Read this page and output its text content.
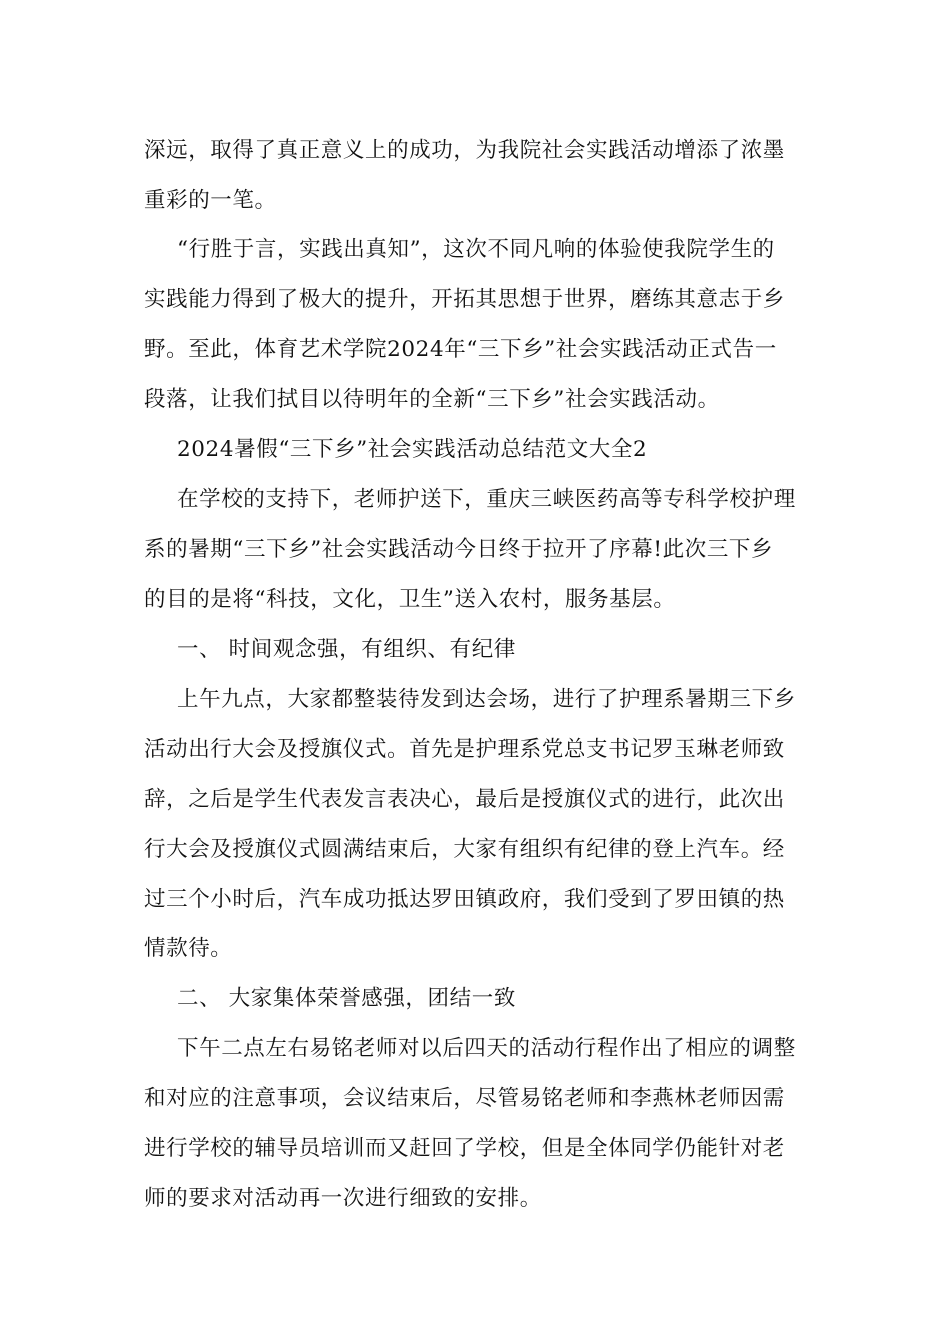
深远，取得了真正意义上的成功，为我院社会实践活动增添了浓墨
重彩的一笔。
“行胜于言，实践出真知”，这次不同凡响的体验使我院学生的
实践能力得到了极大的提升，开拓其思想于世界，磨练其意志于乡
野。至此，体育艺术学院2024年“三下乡”社会实践活动正式告一
段落，让我们拭目以待明年的全新“三下乡”社会实践活动。
2024暑假“三下乡”社会实践活动总结范文大全2
在学校的支持下，老师护送下，重庆三峡医药高等专科学校护理
系的暑期“三下乡”社会实践活动今日终于拉开了序幕!此次三下乡
的目的是将“科技，文化，卫生”送入农村，服务基层。
一、 时间观念强，有组织、有纪律
上午九点，大家都整装待发到达会场，进行了护理系暑期三下乡
活动出行大会及授旗仪式。首先是护理系党总支书记罗玉琳老师致
辞，之后是学生代表发言表决心，最后是授旗仪式的进行，此次出
行大会及授旗仪式圆满结束后，大家有组织有纪律的登上汽车。经
过三个小时后，汽车成功抵达罗田镇政府，我们受到了罗田镇的热
情款待。
二、 大家集体荣誉感强，团结一致
下午二点左右易铭老师对以后四天的活动行程作出了相应的调整
和对应的注意事项，会议结束后，尽管易铭老师和李燕林老师因需
进行学校的辅导员培训而又赶回了学校，但是全体同学仍能针对老
师的要求对活动再一次进行细致的安排。
